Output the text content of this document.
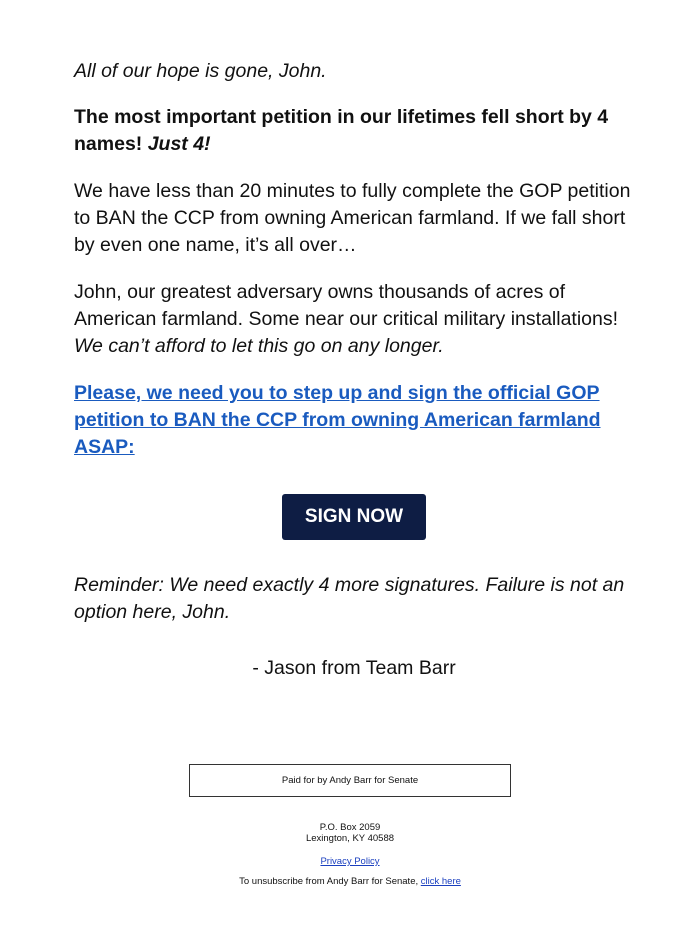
All of our hope is gone, John.

The most important petition in our lifetimes fell short by 4 names! Just 4!

We have less than 20 minutes to fully complete the GOP petition to BAN the CCP from owning American farmland. If we fall short by even one name, it’s all over…

John, our greatest adversary owns thousands of acres of American farmland. Some near our critical military installations! We can’t afford to let this go on any longer.

Please, we need you to step up and sign the official GOP petition to BAN the CCP from owning American farmland ASAP:

SIGN NOW

Reminder: We need exactly 4 more signatures. Failure is not an option here, John.

- Jason from Team Barr

Paid for by Andy Barr for Senate
P.O. Box 2059
Lexington, KY 40588
Privacy Policy
To unsubscribe from Andy Barr for Senate, click here
